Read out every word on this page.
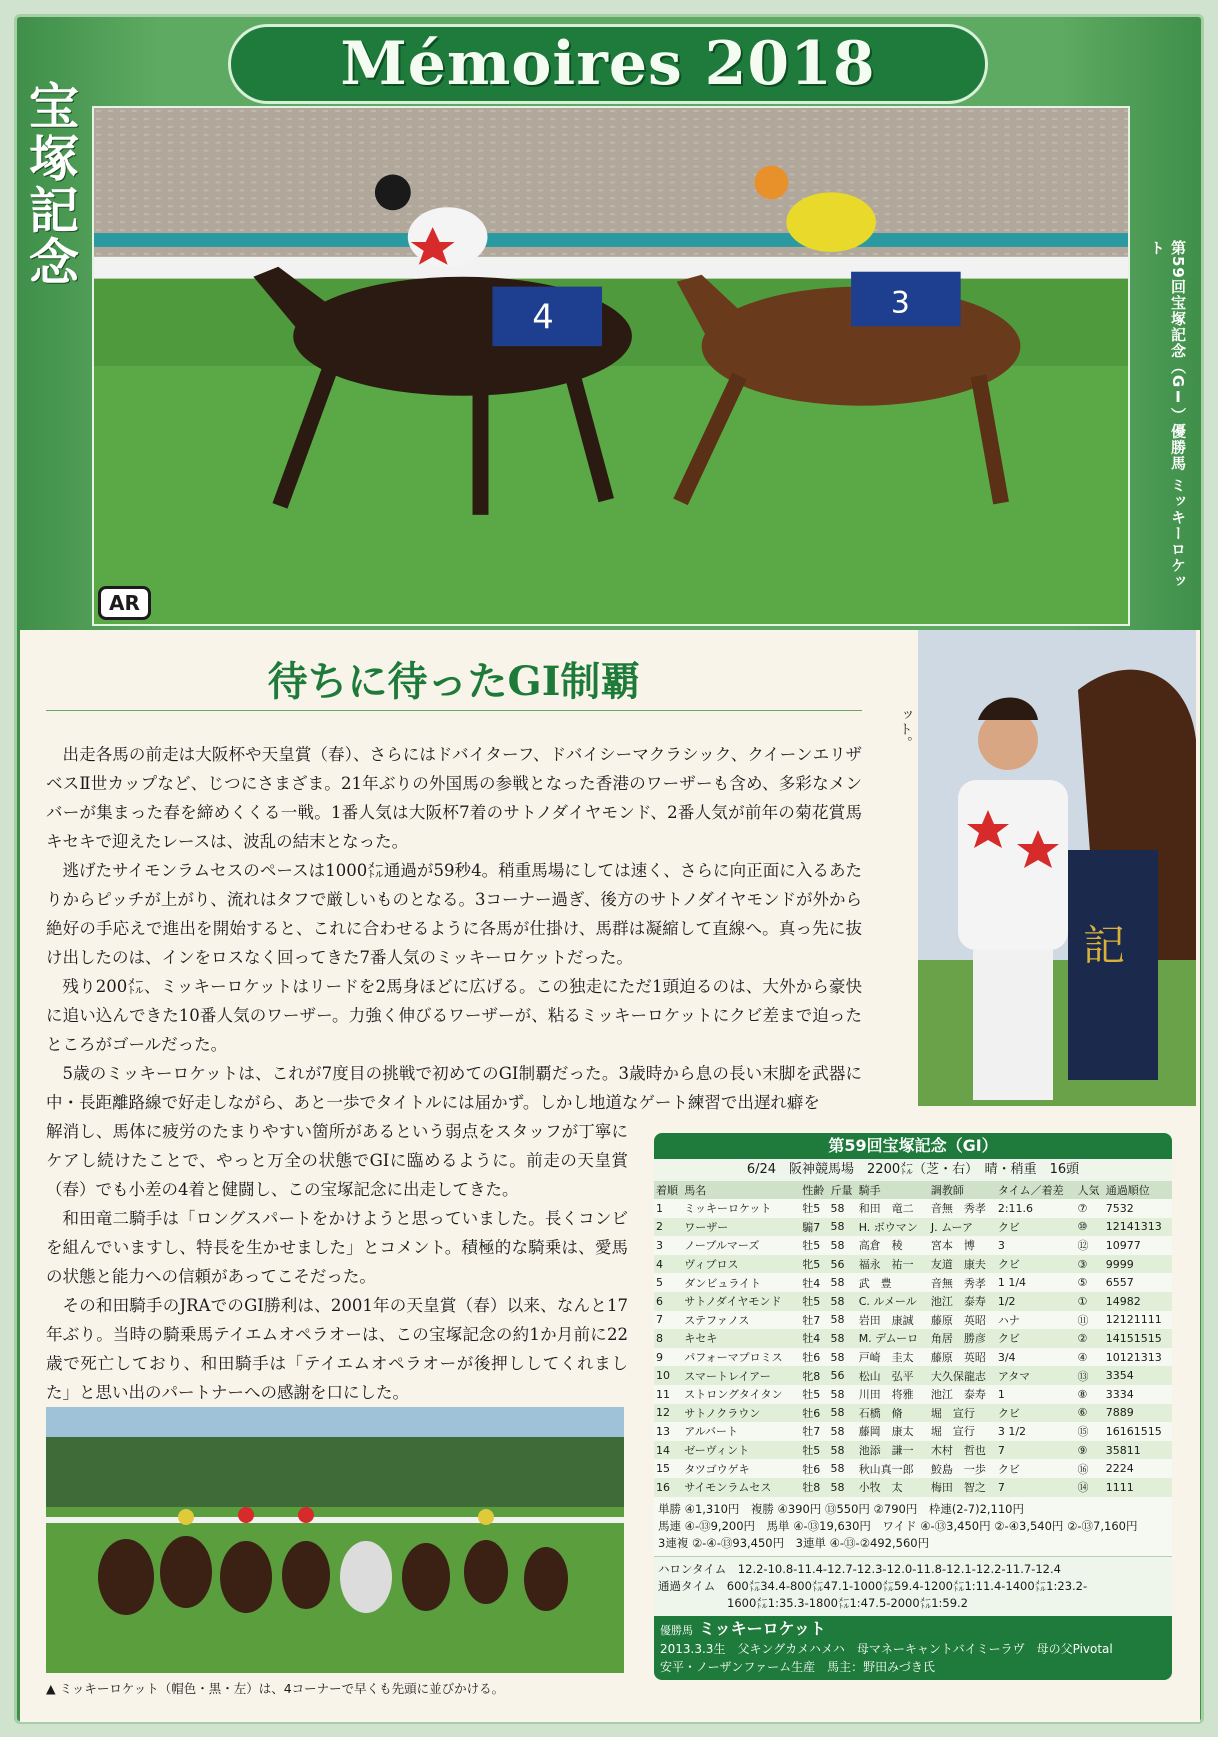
Mémoires 2018
宝塚記念
4	3
AR
第59回宝塚記念（GⅠ）優勝馬 ミッキーロケット
待ちに待ったGI制覇

出走各馬の前走は大阪杯や天皇賞（春）、さらにはドバイターフ、ドバイシーマクラシック、クイーンエリザベスⅡ世カップなど、じつにさまざま。21年ぶりの外国馬の参戦となった香港のワーザーも含め、多彩なメンバーが集まった春を締めくくる一戦。1番人気は大阪杯7着のサトノダイヤモンド、2番人気が前年の菊花賞馬キセキで迎えたレースは、波乱の結末となった。

逃げたサイモンラムセスのペースは1000㍍通過が59秒4。稍重馬場にしては速く、さらに向正面に入るあたりからピッチが上がり、流れはタフで厳しいものとなる。3コーナー過ぎ、後方のサトノダイヤモンドが外から絶好の手応えで進出を開始すると、これに合わせるように各馬が仕掛け、馬群は凝縮して直線へ。真っ先に抜け出したのは、インをロスなく回ってきた7番人気のミッキーロケットだった。

残り200㍍、ミッキーロケットはリードを2馬身ほどに広げる。この独走にただ1頭迫るのは、大外から豪快に追い込んできた10番人気のワーザー。力強く伸びるワーザーが、粘るミッキーロケットにクビ差まで迫ったところがゴールだった。

5歳のミッキーロケットは、これが7度目の挑戦で初めてのGI制覇だった。3歳時から息の長い末脚を武器に中・長距離路線で好走しながら、あと一歩でタイトルには届かず。しかし地道なゲート練習で出遅れ癖を

解消し、馬体に疲労のたまりやすい箇所があるという弱点をスタッフが丁寧にケアし続けたことで、やっと万全の状態でGIに臨めるように。前走の天皇賞（春）でも小差の4着と健闘し、この宝塚記念に出走してきた。

和田竜二騎手は「ロングスパートをかけようと思っていました。長くコンビを組んでいますし、特長を生かせました」とコメント。積極的な騎乗は、愛馬の状態と能力への信頼があってこそだった。

その和田騎手のJRAでのGI勝利は、2001年の天皇賞（春）以来、なんと17年ぶり。当時の騎乗馬テイエムオペラオーは、この宝塚記念の約1か月前に22歳で死亡しており、和田騎手は「テイエムオペラオーが後押ししてくれました」と思い出のパートナーへの感謝を口にした。

ット。
記
▲ ミッキーロケット（帽色・黒・左）は、4コーナーで早くも先頭に並びかける。
第59回宝塚記念（GⅠ）
6/24　阪神競馬場　2200㍍（芝・右）　晴・稍重　16頭
着順	馬名	性齢	斤量	騎手	調教師	タイム／着差	人気	通過順位
1	ミッキーロケット	牡5	58	和田　竜二	音無　秀孝	2:11.6	⑦	7532
2	ワーザー	騸7	58	H. ボウマン	J. ムーア	クビ	⑩	12141313
3	ノーブルマーズ	牡5	58	高倉　稜	宮本　博	3	⑫	10977
4	ヴィブロス	牝5	56	福永　祐一	友道　康夫	クビ	③	9999
5	ダンビュライト	牡4	58	武　豊	音無　秀孝	1 1/4	⑤	6557
6	サトノダイヤモンド	牡5	58	C. ルメール	池江　泰寿	1/2	①	14982
7	ステファノス	牡7	58	岩田　康誠	藤原　英昭	ハナ	⑪	12121111
8	キセキ	牡4	58	M. デムーロ	角居　勝彦	クビ	②	14151515
9	パフォーマプロミス	牡6	58	戸崎　圭太	藤原　英昭	3/4	④	10121313
10	スマートレイアー	牝8	56	松山　弘平	大久保龍志	アタマ	⑬	3354
11	ストロングタイタン	牡5	58	川田　将雅	池江　泰寿	1	⑧	3334
12	サトノクラウン	牡6	58	石橋　脩	堀　宣行	クビ	⑥	7889
13	アルバート	牡7	58	藤岡　康太	堀　宣行	3 1/2	⑮	16161515
14	ゼーヴィント	牡5	58	池添　謙一	木村　哲也	7	⑨	35811
15	タツゴウゲキ	牡6	58	秋山真一郎	鮫島　一歩	クビ	⑯	2224
16	サイモンラムセス	牡8	58	小牧　太	梅田　智之	7	⑭	1111
単勝 ④1,310円　複勝 ④390円 ⑬550円 ②790円　枠連(2-7)2,110円
馬連 ④-⑬9,200円　馬単 ④-⑬19,630円　ワイド ④-⑬3,450円 ②-④3,540円 ②-⑬7,160円
3連複 ②-④-⑬93,450円　3連単 ④-⑬-②492,560円
ハロンタイム　12.2-10.8-11.4-12.7-12.3-12.0-11.8-12.1-12.2-11.7-12.4
通過タイム　600㍍34.4-800㍍47.1-1000㍍59.4-1200㍍1:11.4-1400㍍1:23.2-
1600㍍1:35.3-1800㍍1:47.5-2000㍍1:59.2
優勝馬 ミッキーロケット
2013.3.3生　父キングカメハメハ　母マネーキャントバイミーラヴ　母の父Pivotal
安平・ノーザンファーム生産　馬主：野田みづき氏
